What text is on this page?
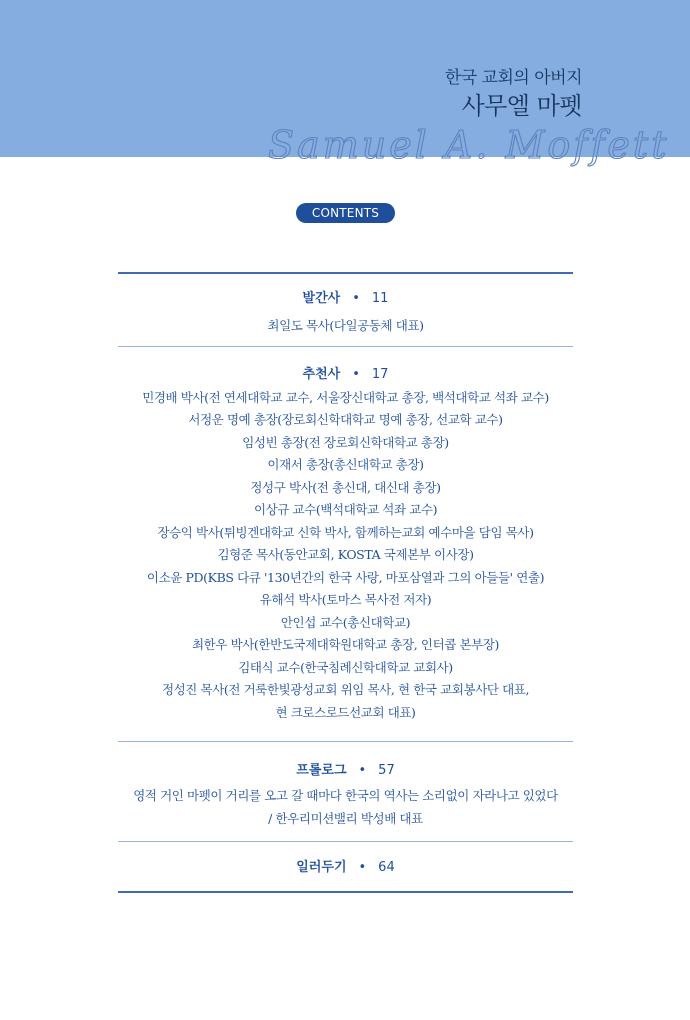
한국 교회의 아버지
사무엘 마펫
Samuel A. Moffett
CONTENTS
발간사 • 11
최일도 목사(다일공동체 대표)
추천사 • 17
민경배 박사(전 연세대학교 교수, 서울장신대학교 총장, 백석대학교 석좌 교수)
서정운 명예 총장(장로회신학대학교 명예 총장, 선교학 교수)
임성빈 총장(전 장로회신학대학교 총장)
이재서 총장(총신대학교 총장)
정성구 박사(전 총신대, 대신대 총장)
이상규 교수(백석대학교 석좌 교수)
장승익 박사(튀빙겐대학교 신학 박사, 함께하는교회 예수마을 담임 목사)
김형준 목사(동안교회, KOSTA 국제본부 이사장)
이소윤 PD(KBS 다큐 '130년간의 한국 사랑, 마포삼열과 그의 아들들' 연출)
유해석 박사(토마스 목사전 저자)
안인섭 교수(총신대학교)
최한우 박사(한반도국제대학원대학교 총장, 인터콥 본부장)
김태식 교수(한국침례신학대학교 교회사)
정성진 목사(전 거룩한빛광성교회 위임 목사, 현 한국 교회봉사단 대표,
현 크로스로드선교회 대표)
프롤로그 • 57
영적 거인 마펫이 거리를 오고 갈 때마다 한국의 역사는 소리없이 자라나고 있었다
/ 한우리미션밸리 박성배 대표
일러두기 • 64
